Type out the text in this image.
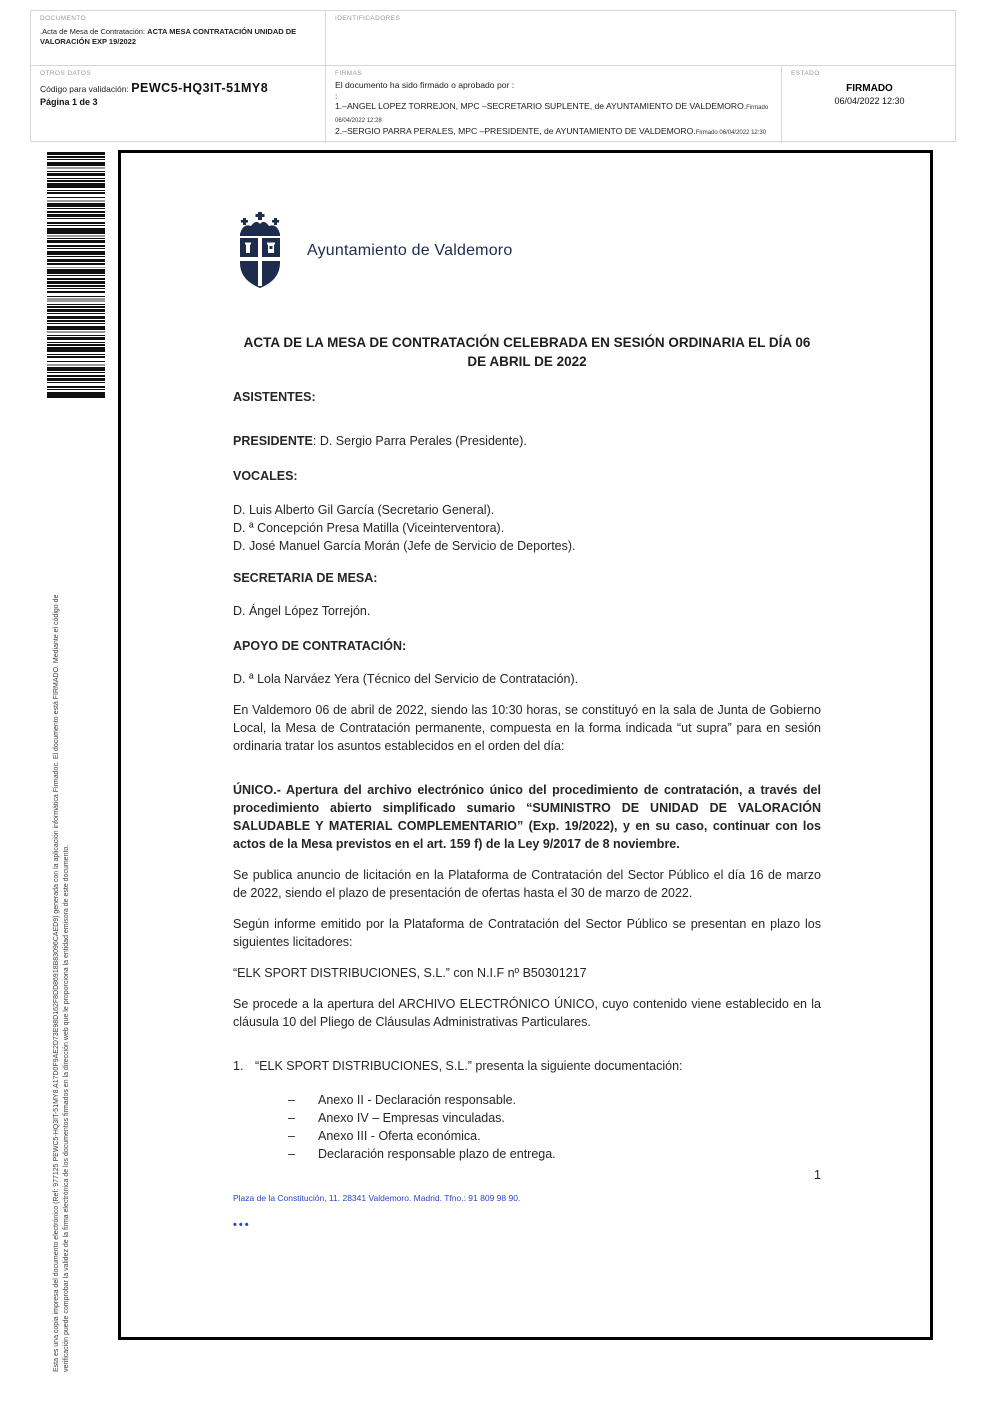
DOCUMENTO
.Acta de Mesa de Contratación: ACTA MESA CONTRATACIÓN UNIDAD DE VALORACIÓN EXP 19/2022
IDENTIFICADORES
OTROS DATOS
Código para validación: PEWC5-HQ3IT-51MY8
Página 1 de 3
FIRMAS
El documento ha sido firmado o aprobado por :
:
1.–ANGEL LOPEZ TORREJON, MPC –SECRETARIO SUPLENTE, de AYUNTAMIENTO DE VALDEMORO.Firmado 06/04/2022 12:28
2.–SERGIO PARRA PERALES, MPC –PRESIDENTE, de AYUNTAMIENTO DE VALDEMORO.Firmado 06/04/2022 12:30
ESTADO
FIRMADO
06/04/2022 12:30
Esta es una copia impresa del documento electrónico (Ref: 977125 PEWC5-HQ3IT-51MY8 A17D0F9AE2D73E98D162F8DD86918B83096CAED9) generada con la aplicación informática Firmadoc. El documento está FIRMADO. Mediante el código de verificación puede comprobar la validez de la firma electrónica de los documentos firmados en la dirección web que le proporciona la entidad emisora de este documento.
Ayuntamiento de Valdemoro
ACTA DE LA MESA DE CONTRATACIÓN CELEBRADA EN SESIÓN ORDINARIA EL DÍA 06 DE ABRIL DE 2022
ASISTENTES:
PRESIDENTE: D. Sergio Parra Perales (Presidente).
VOCALES:
D. Luis Alberto Gil García (Secretario General).
D. ª Concepción Presa Matilla (Viceinterventora).
D. José Manuel García Morán (Jefe de Servicio de Deportes).
SECRETARIA DE MESA:
D. Ángel López Torrejón.
APOYO DE CONTRATACIÓN:
D. ª Lola Narváez Yera (Técnico del Servicio de Contratación).
En Valdemoro 06 de abril de 2022, siendo las 10:30 horas, se constituyó en la sala de Junta de Gobierno Local, la Mesa de Contratación permanente, compuesta en la forma indicada “ut supra” para en sesión ordinaria tratar los asuntos establecidos en el orden del día:
ÚNICO.- Apertura del archivo electrónico único del procedimiento de contratación, a través del procedimiento abierto simplificado sumario “SUMINISTRO DE UNIDAD DE VALORACIÓN SALUDABLE Y MATERIAL COMPLEMENTARIO” (Exp. 19/2022), y en su caso, continuar con los actos de la Mesa previstos en el art. 159 f) de la Ley 9/2017 de 8 noviembre.
Se publica anuncio de licitación en la Plataforma de Contratación del Sector Público el día 16 de marzo de 2022, siendo el plazo de presentación de ofertas hasta el 30 de marzo de 2022.
Según informe emitido por la Plataforma de Contratación del Sector Público se presentan en plazo los siguientes licitadores:
“ELK SPORT DISTRIBUCIONES, S.L.” con N.I.F nº B50301217
Se procede a la apertura del ARCHIVO ELECTRÓNICO ÚNICO, cuyo contenido viene establecido en la cláusula 10 del Pliego de Cláusulas Administrativas Particulares.
1. “ELK SPORT DISTRIBUCIONES, S.L.” presenta la siguiente documentación:
–	Anexo II - Declaración responsable.
–	Anexo IV – Empresas vinculadas.
–	Anexo III - Oferta económica.
–	Declaración responsable plazo de entrega.
1
Plaza de la Constitución, 11. 28341 Valdemoro. Madrid. Tfno.: 91 809 98 90.
•••
